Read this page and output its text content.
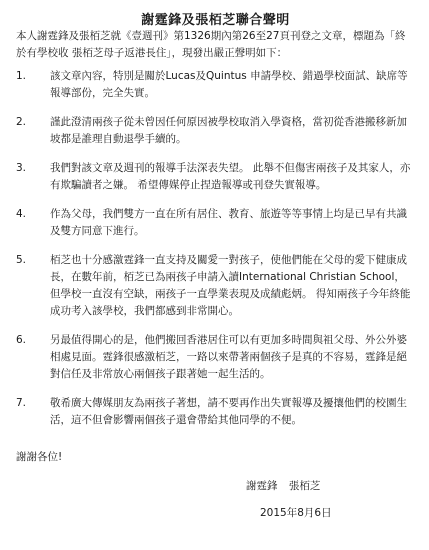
謝霆鋒及張栢芝聯合聲明
本人謝霆鋒及張栢芝就《壹週刊》第1326期內第26至27頁刊登之文章，標題為「終於有學校收 張栢芝母子返港長住」，現發出嚴正聲明如下：
1.	該文章內容，特別是關於Lucas及Quintus 申請學校、錯過學校面試、缺席等報導部份，完全失實。
2.	謹此澄清兩孩子從未曾因任何原因被學校取消入學資格，當初從香港搬移新加坡都是誰理自動退學手續的。
3.	我們對該文章及週刊的報導手法深表失望。 此舉不但傷害兩孩子及其家人，亦有欺騙讀者之嫌。 希望傳媒停止捏造報導或刊登失實報導。
4.	作為父母，我們雙方一直在所有居住、教育、旅遊等等事情上均是已早有共識及雙方同意下進行。
5.	栢芝也十分感激霆鋒一直支持及關愛一對孩子，使他們能在父母的愛下健康成長，在數年前，栢芝已為兩孩子申請入讀International Christian School，但學校一直沒有空缺，兩孩子一直學業表現及成績彪炳。 得知兩孩子今年終能成功考入該學校，我們都感到非常開心。
6.	另最值得開心的是，他們搬回香港居住可以有更加多時間與祖父母、外公外婆相處見面。霆鋒很感激栢芝，一路以來帶著兩個孩子是真的不容易，霆鋒是絕對信任及非常放心兩個孩子跟著她一起生活的。
7.	敬希廣大傳媒朋友為兩孩子著想，請不要再作出失實報導及擾攘他們的校園生活，這不但會影響兩個孩子還會帶給其他同學的不便。
謝謝各位!
謝霆鋒 張栢芝
2015年8月6日
